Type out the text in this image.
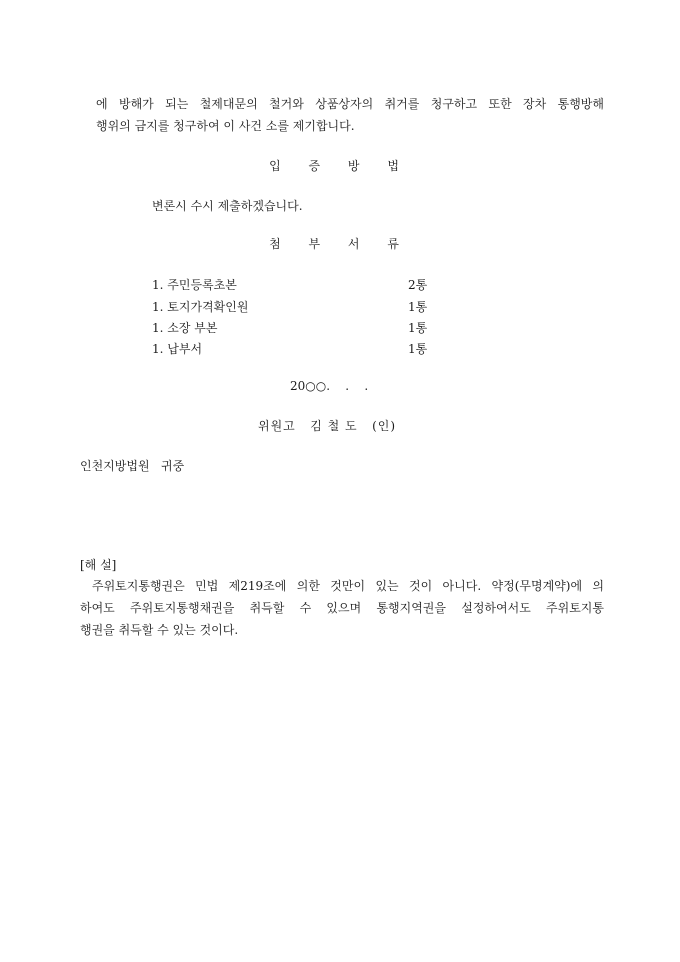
에 방해가 되는 철제대문의 철거와 상품상자의 취거를 청구하고 또한 장차 통행방해
행위의 금지를 청구하여 이 사건 소를 제기합니다.
입 증 방 법
변론시 수시 제출하겠습니다.
첨 부 서 류
1. 주민등록초본	2통
1. 토지가격확인원	1통
1. 소장 부본	1통
1. 납부서	1통
20○○.    .    .
위원고   김 철 도   (인)
인천지방법원   귀중
[해 설]
주위토지통행권은 민법 제219조에 의한 것만이 있는 것이 아니다. 약정(무명계약)에 의
하여도 주위토지통행채권을 취득할 수 있으며 통행지역권을 설정하여서도 주위토지통
행권을 취득할 수 있는 것이다.
